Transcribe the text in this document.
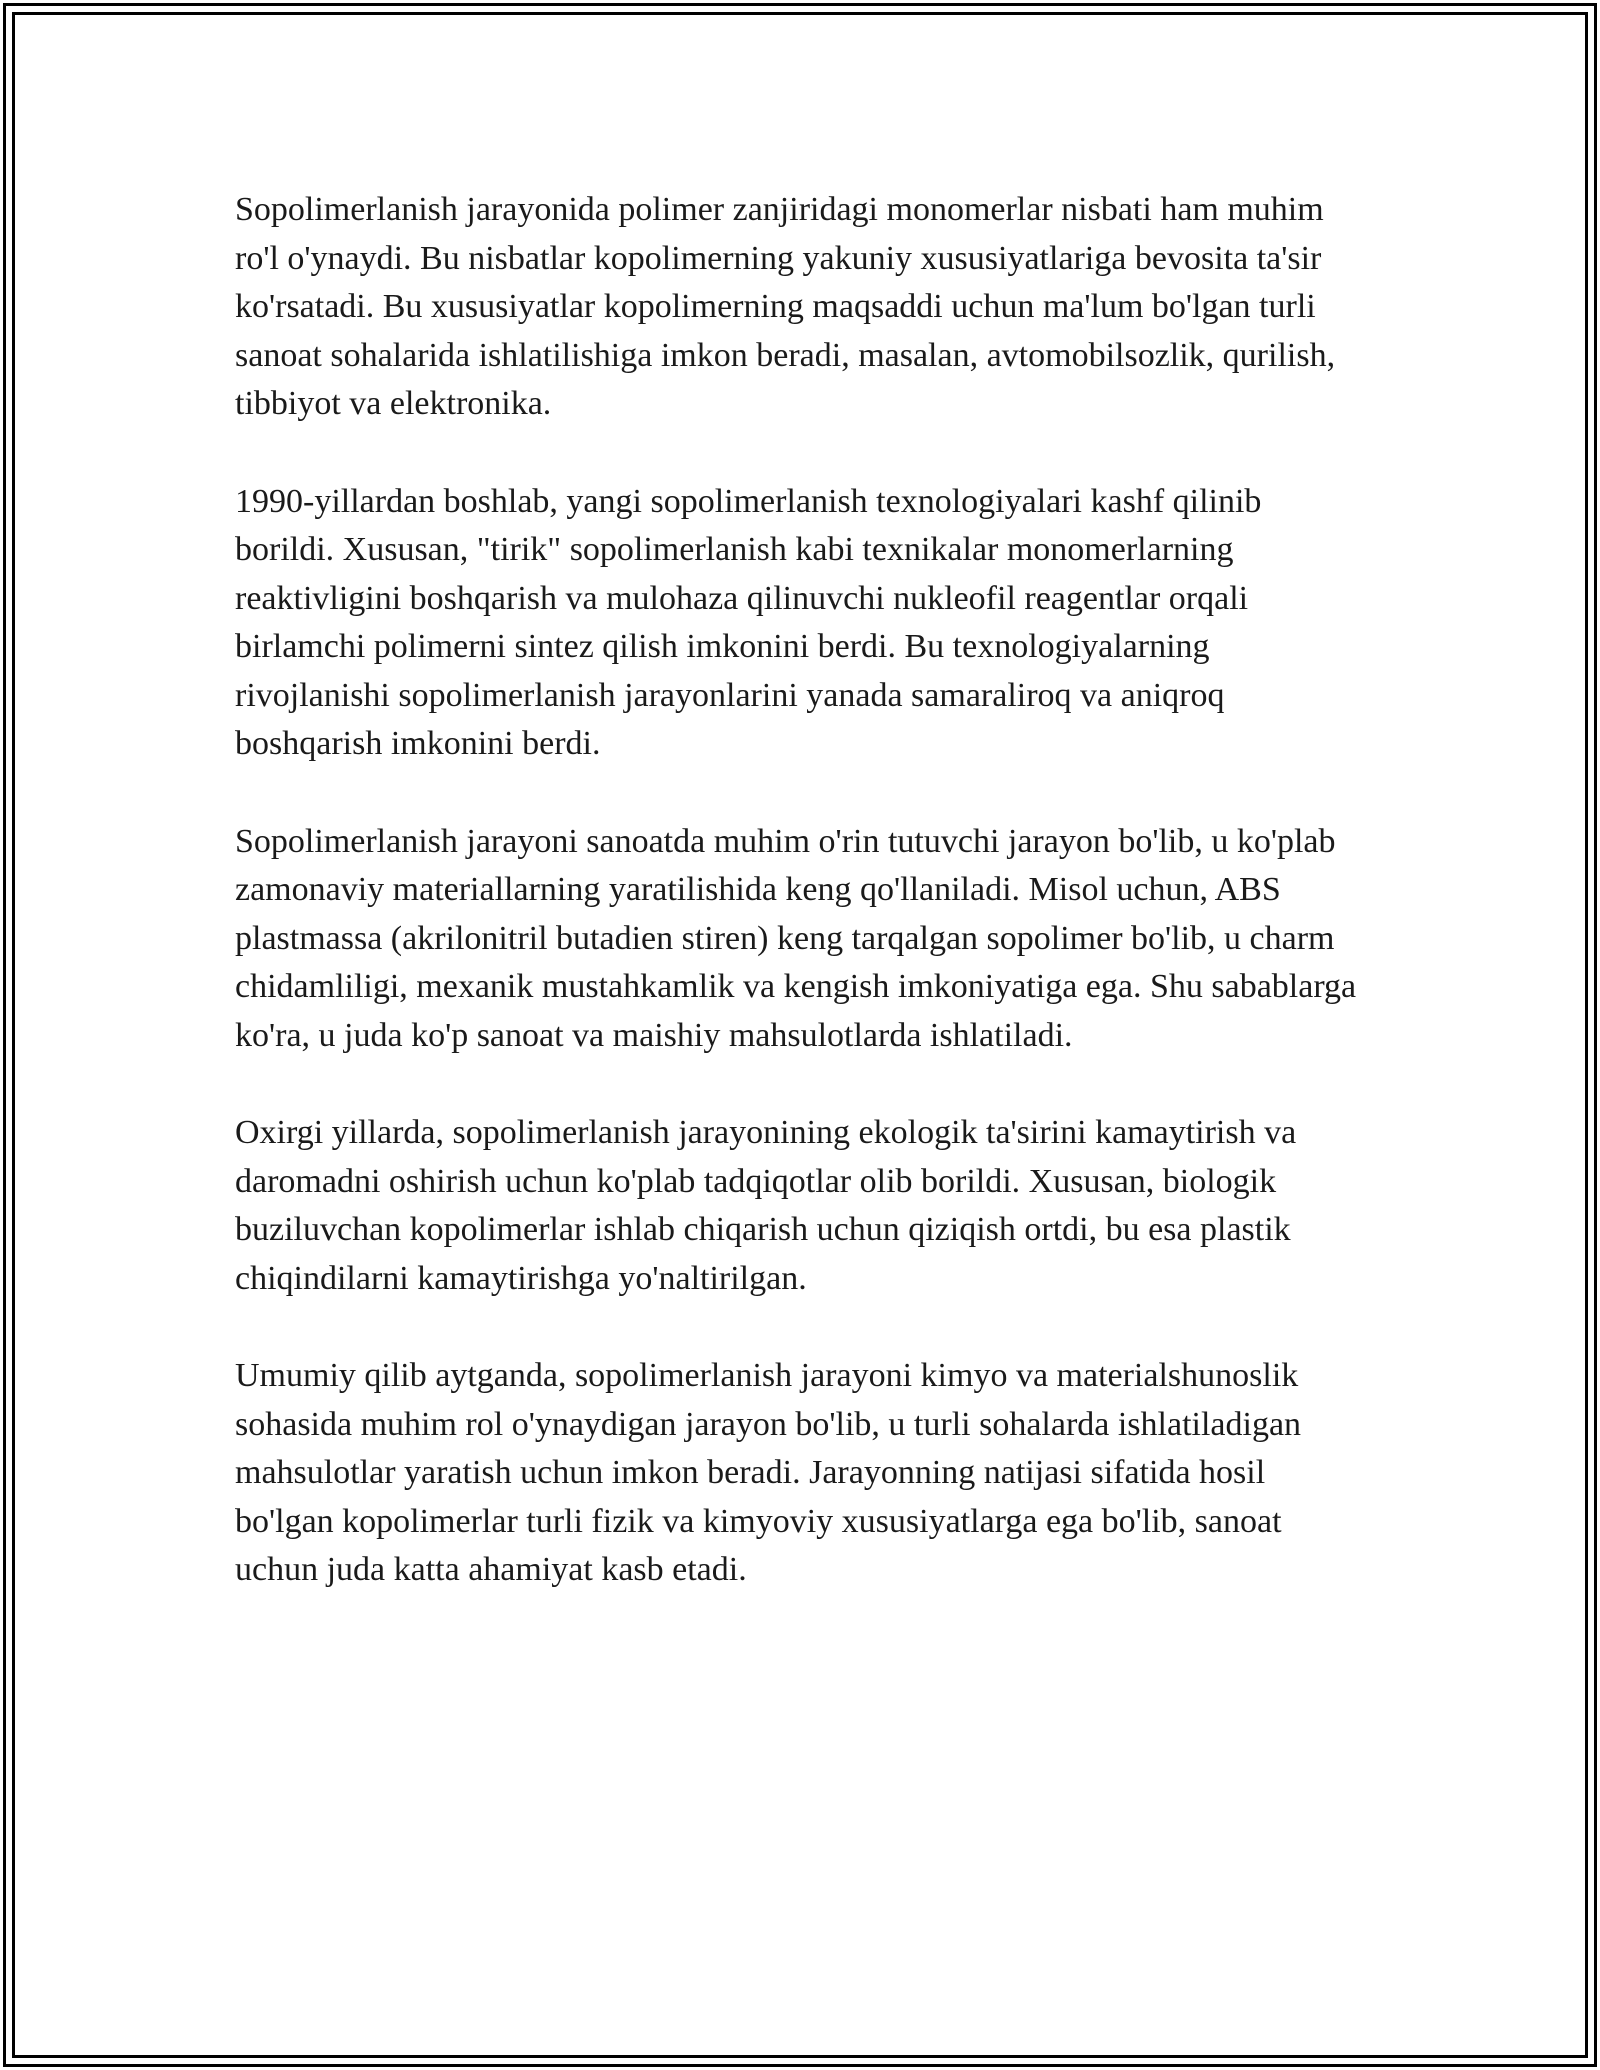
Sopolimerlanish jarayonida polimer zanjiridagi monomerlar nisbati ham muhim ro'l o'ynaydi. Bu nisbatlar kopolimerning yakuniy xususiyatlariga bevosita ta'sir ko'rsatadi. Bu xususiyatlar kopolimerning maqsaddi uchun ma'lum bo'lgan turli sanoat sohalarida ishlatilishiga imkon beradi, masalan, avtomobilsozlik, qurilish, tibbiyot va elektronika.

1990-yillardan boshlab, yangi sopolimerlanish texnologiyalari kashf qilinib borildi. Xususan, "tirik" sopolimerlanish kabi texnikalar monomerlarning reaktivligini boshqarish va mulohaza qilinuvchi nukleofil reagentlar orqali birlamchi polimerni sintez qilish imkonini berdi. Bu texnologiyalarning rivojlanishi sopolimerlanish jarayonlarini yanada samaraliroq va aniqroq boshqarish imkonini berdi.

Sopolimerlanish jarayoni sanoatda muhim o'rin tutuvchi jarayon bo'lib, u ko'plab zamonaviy materiallarning yaratilishida keng qo'llaniladi. Misol uchun, ABS plastmassa (akrilonitril butadien stiren) keng tarqalgan sopolimer bo'lib, u charm chidamliligi, mexanik mustahkamlik va kengish imkoniyatiga ega. Shu sabablarga ko'ra, u juda ko'p sanoat va maishiy mahsulotlarda ishlatiladi.

Oxirgi yillarda, sopolimerlanish jarayonining ekologik ta'sirini kamaytirish va daromadni oshirish uchun ko'plab tadqiqotlar olib borildi. Xususan, biologik buziluvchan kopolimerlar ishlab chiqarish uchun qiziqish ortdi, bu esa plastik chiqindilarni kamaytirishga yo'naltirilgan.

Umumiy qilib aytganda, sopolimerlanish jarayoni kimyo va materialshunoslik sohasida muhim rol o'ynaydigan jarayon bo'lib, u turli sohalarda ishlatiladigan mahsulotlar yaratish uchun imkon beradi. Jarayonning natijasi sifatida hosil bo'lgan kopolimerlar turli fizik va kimyoviy xususiyatlarga ega bo'lib, sanoat uchun juda katta ahamiyat kasb etadi.
